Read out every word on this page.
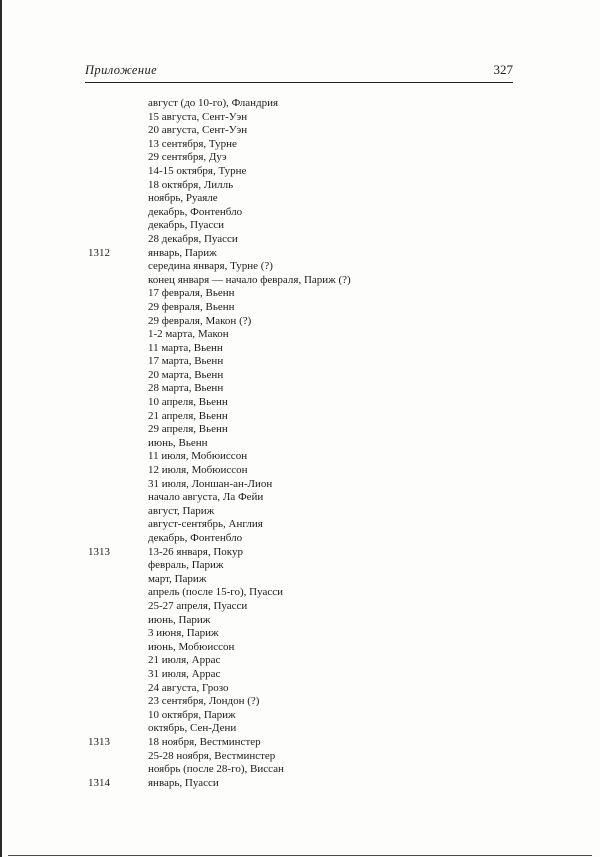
Приложение	327
август (до 10-го), Фландрия
15 августа, Сент-Уэн
20 августа, Сент-Уэн
13 сентября, Турне
29 сентября, Дуэ
14-15 октября, Турне
18 октября, Лилль
ноябрь, Руаяле
декабрь, Фонтенбло
декабрь, Пуасси
28 декабря, Пуасси
1312	январь, Париж
середина января, Турне (?)
конец января — начало февраля, Париж (?)
17 февраля, Вьенн
29 февраля, Вьенн
29 февраля, Макон (?)
1-2 марта, Макон
11 марта, Вьенн
17 марта, Вьенн
20 марта, Вьенн
28 марта, Вьенн
10 апреля, Вьенн
21 апреля, Вьенн
29 апреля, Вьенн
июнь, Вьенн
11 июля, Мобюиссон
12 июля, Мобюиссон
31 июля, Лоншан-ан-Лион
начало августа, Ла Фейи
август, Париж
август-сентябрь, Англия
декабрь, Фонтенбло
1313	13-26 января, Покур
февраль, Париж
март, Париж
апрель (после 15-го), Пуасси
25-27 апреля, Пуасси
июнь, Париж
3 июня, Париж
июнь, Мобюиссон
21 июля, Аррас
31 июля, Аррас
24 августа, Грозо
23 сентября, Лондон (?)
10 октября, Париж
октябрь, Сен-Дени
1313	18 ноября, Вестминстер
25-28 ноября, Вестминстер
ноябрь (после 28-го), Виссан
1314	январь, Пуасси
